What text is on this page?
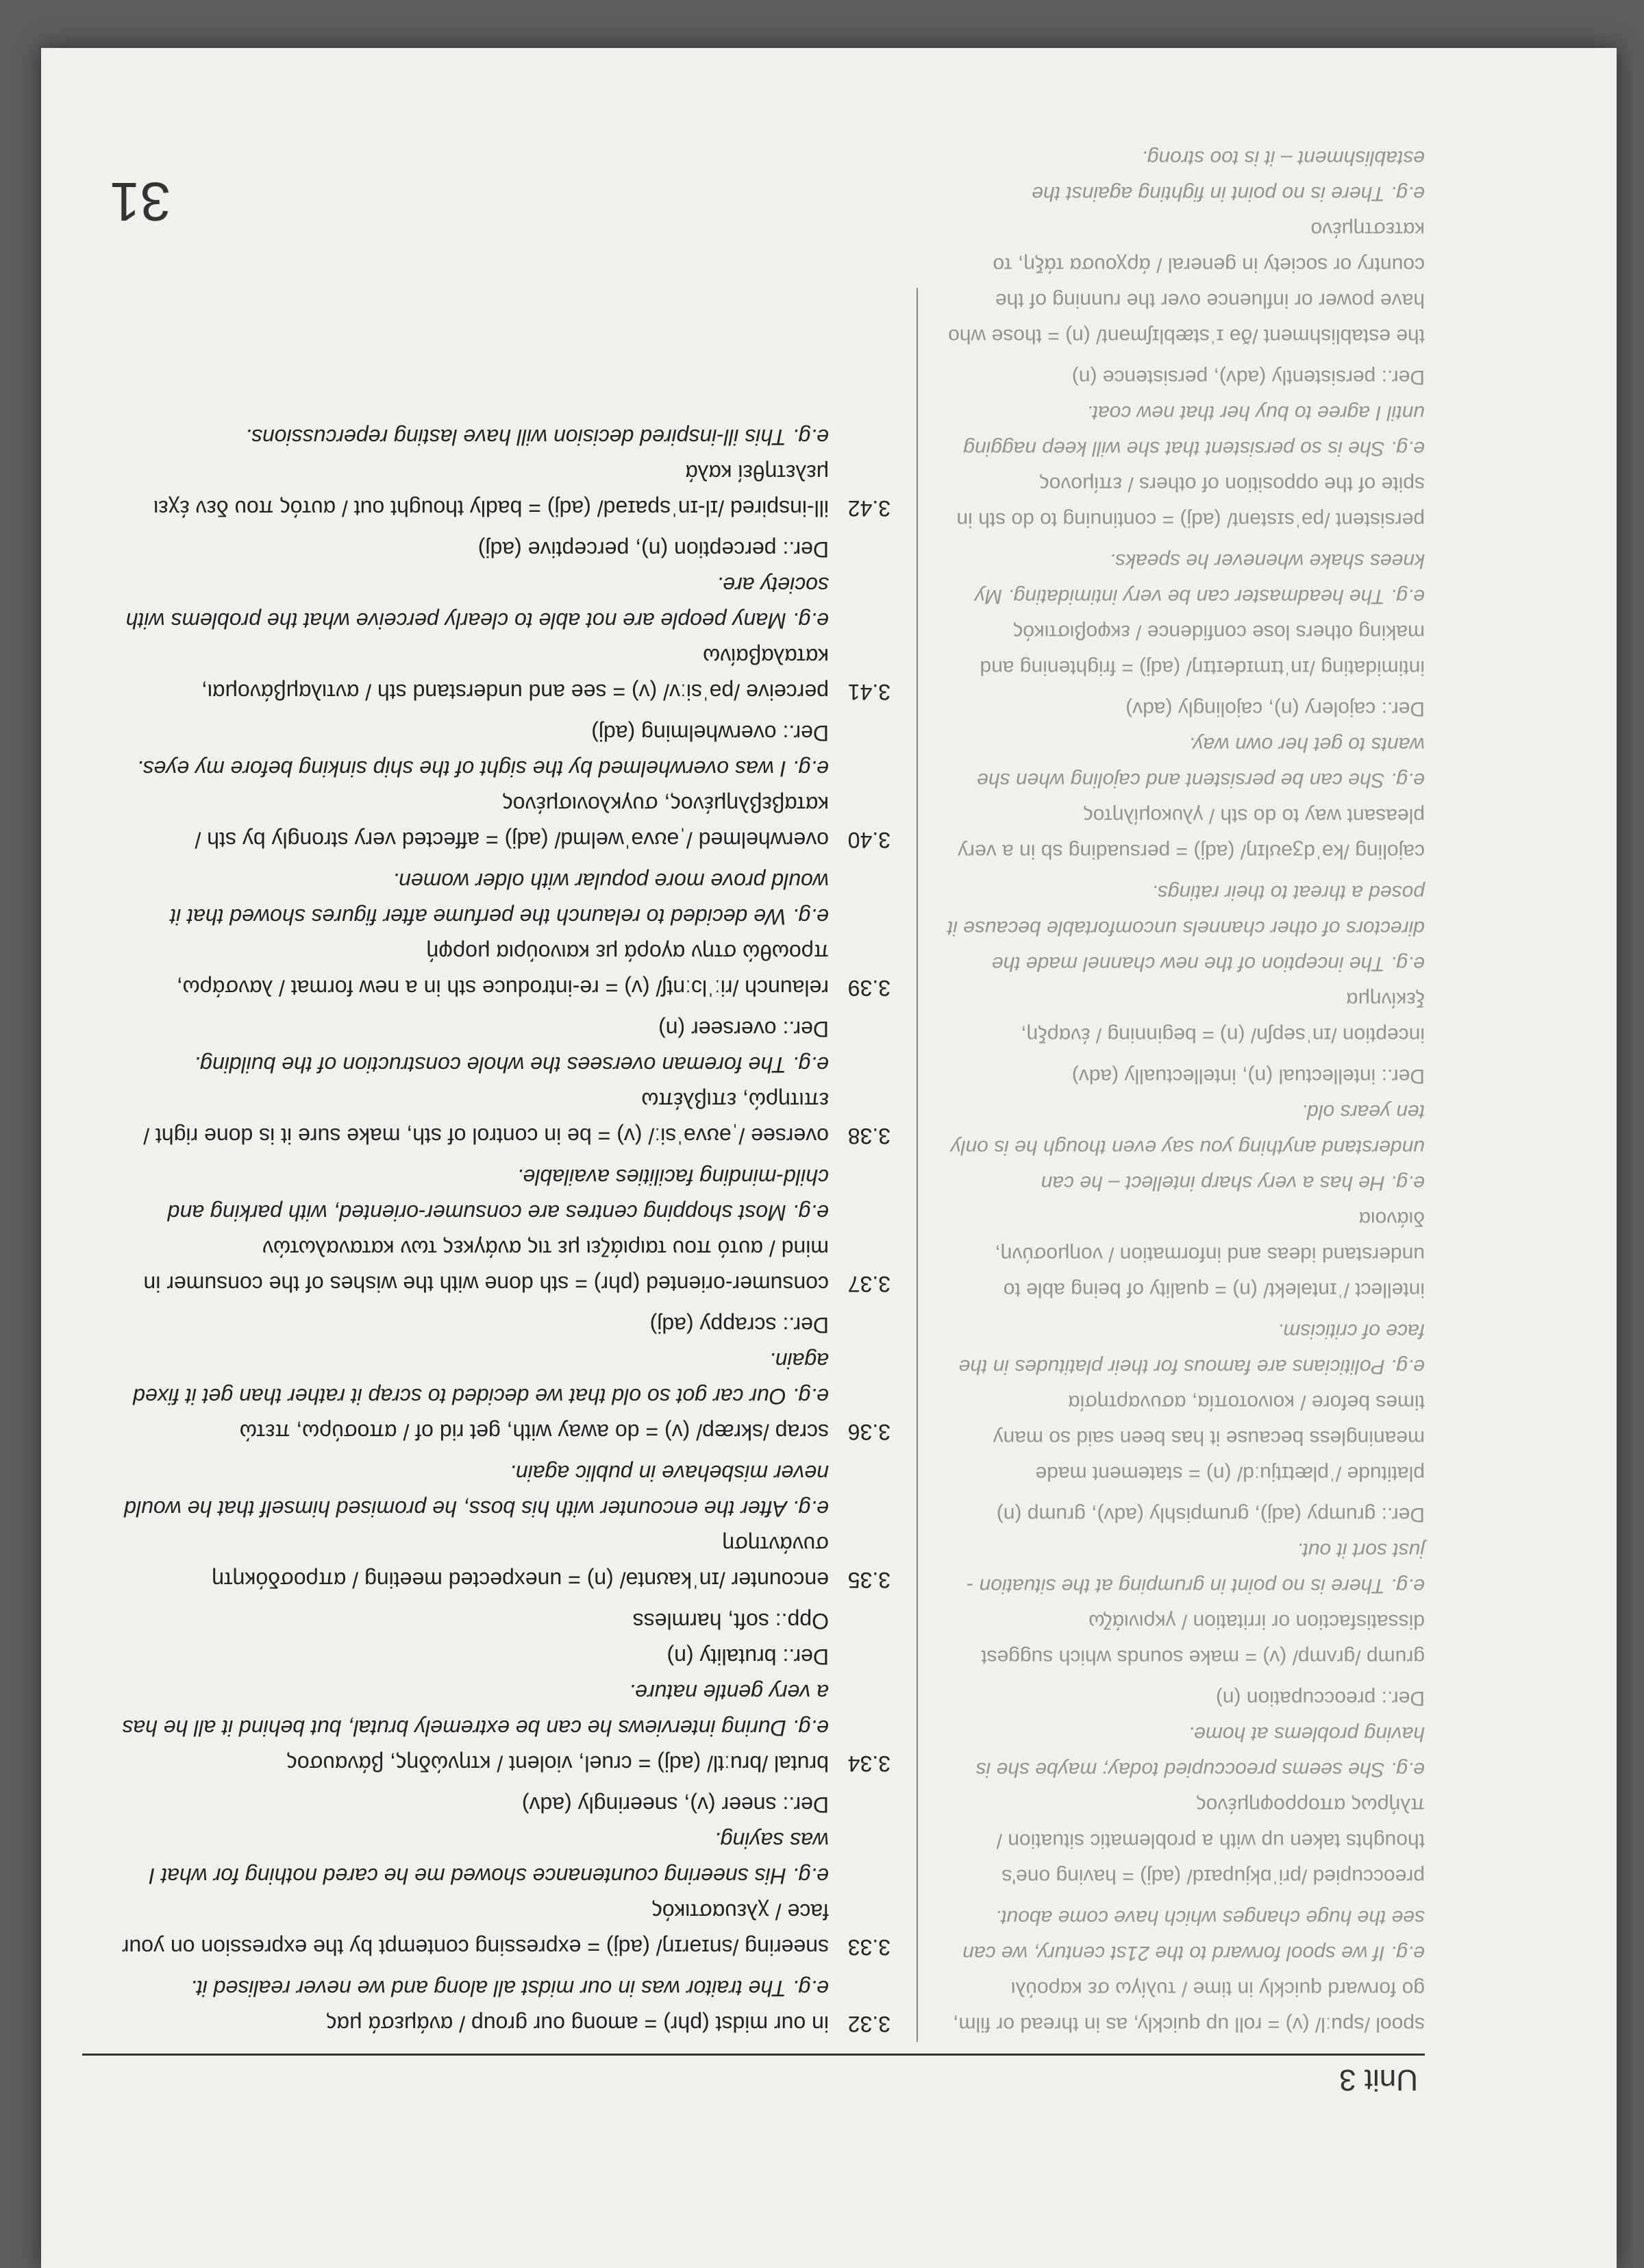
Unit 3
spool /spuːl/ (v) = roll up quickly, as in thread or film, go forward quickly in time / τυλίγω σε καρούλι
e.g. If we spool forward to the 21st century, we can see the huge changes which have come about.
preoccupied /priˈɒkjupaɪd/ (adj) = having one's thoughts taken up with a problematic situation / πλήρως απορροφημένος
e.g. She seems preoccupied today; maybe she is having problems at home.
Der.: preoccupation (n)
grump /ɡrʌmp/ (v) = make sounds which suggest dissatisfaction or irritation / γκρινιάζω
e.g. There is no point in grumping at the situation - just sort it out.
Der.: grumpy (adj), grumpishly (adv), grump (n)
platitude /ˈplætɪtjuːd/ (n) = statement made meaningless because it has been said so many times before / κοινοτοπία, ασυναρτησία
e.g. Politicians are famous for their platitudes in the face of criticism.
intellect /ˈɪntəlekt/ (n) = quality of being able to understand ideas and information / νοημοσύνη, διάνοια
e.g. He has a very sharp intellect – he can understand anything you say even though he is only ten years old.
Der.: intellectual (n), intellectually (adv)
inception /ɪnˈsepʃn/ (n) = beginning / έναρξη, ξεκίνημα
e.g. The inception of the new channel made the directors of other channels uncomfortable because it posed a threat to their ratings.
cajoling /kəˈdʒəʊlɪŋ/ (adj) = persuading sb in a very pleasant way to do sth / γλυκομίλητος
e.g. She can be persistent and cajoling when she wants to get her own way.
Der.: cajolery (n), cajolingly (adv)
intimidating /ɪnˈtɪmɪdeɪtɪŋ/ (adj) = frightening and making others lose confidence / εκφοβιστικός
e.g. The headmaster can be very intimidating. My knees shake whenever he speaks.
persistent /pəˈsɪstənt/ (adj) = continuing to do sth in spite of the opposition of others / επίμονος
e.g. She is so persistent that she will keep nagging until I agree to buy her that new coat.
Der.: persistently (adv), persistence (n)
the establishment /ðə ɪˈstæblɪʃmənt/ (n) = those who have power or influence over the running of the country or society in general / άρχουσα τάξη, το κατεστημένο
e.g. There is no point in fighting against the establishment – it is too strong.
3.32
in our midst (phr) = among our group / ανάμεσά μας
e.g. The traitor was in our midst all along and we never realised it.
3.33
sneering /snɪərɪŋ/ (adj) = expressing contempt by the expression on your face / χλευαστικός
e.g. His sneering countenance showed me he cared nothing for what I was saying.
Der.: sneer (v), sneeringly (adv)
3.34
brutal /bruːtl/ (adj) = cruel, violent / κτηνώδης, βάναυσος
e.g. During interviews he can be extremely brutal, but behind it all he has a very gentle nature.
Der.: brutality (n)
Opp.: soft, harmless
3.35
encounter /ɪnˈkaʊntə/ (n) = unexpected meeting / απροσδόκητη συνάντηση
e.g. After the encounter with his boss, he promised himself that he would never misbehave in public again.
3.36
scrap /skræp/ (v) = do away with, get rid of / αποσύρω, πετώ
e.g. Our car got so old that we decided to scrap it rather than get it fixed again.
Der.: scrappy (adj)
3.37
consumer-oriented (phr) = sth done with the wishes of the consumer in mind / αυτό που ταιριάζει με τις ανάγκες των καταναλωτών
e.g. Most shopping centres are consumer-oriented, with parking and child-minding facilities available.
3.38
oversee /ˌəʊvəˈsiː/ (v) = be in control of sth, make sure it is done right / επιτηρώ, επιβλέπω
e.g. The foreman oversees the whole construction of the building.
Der.: overseer (n)
3.39
relaunch /riːˈlɔːntʃ/ (v) = re-introduce sth in a new format / λανσάρω, προωθώ στην αγορά με καινούρια μορφή
e.g. We decided to relaunch the perfume after figures showed that it would prove more popular with older women.
3.40
overwhelmed /ˌəʊvəˈwelmd/ (adj) = affected very strongly by sth / καταβεβλημένος, συγκλονισμένος
e.g. I was overwhelmed by the sight of the ship sinking before my eyes.
Der.: overwhelming (adj)
3.41
perceive /pəˈsiːv/ (v) = see and understand sth / αντιλαμβάνομαι, καταλαβαίνω
e.g. Many people are not able to clearly perceive what the problems with society are.
Der.: perception (n), perceptive (adj)
3.42
ill-inspired /ɪl-ɪnˈspaɪəd/ (adj) = badly thought out / αυτός που δεν έχει μελετηθεί καλά
e.g. This ill-inspired decision will have lasting repercussions.
31
